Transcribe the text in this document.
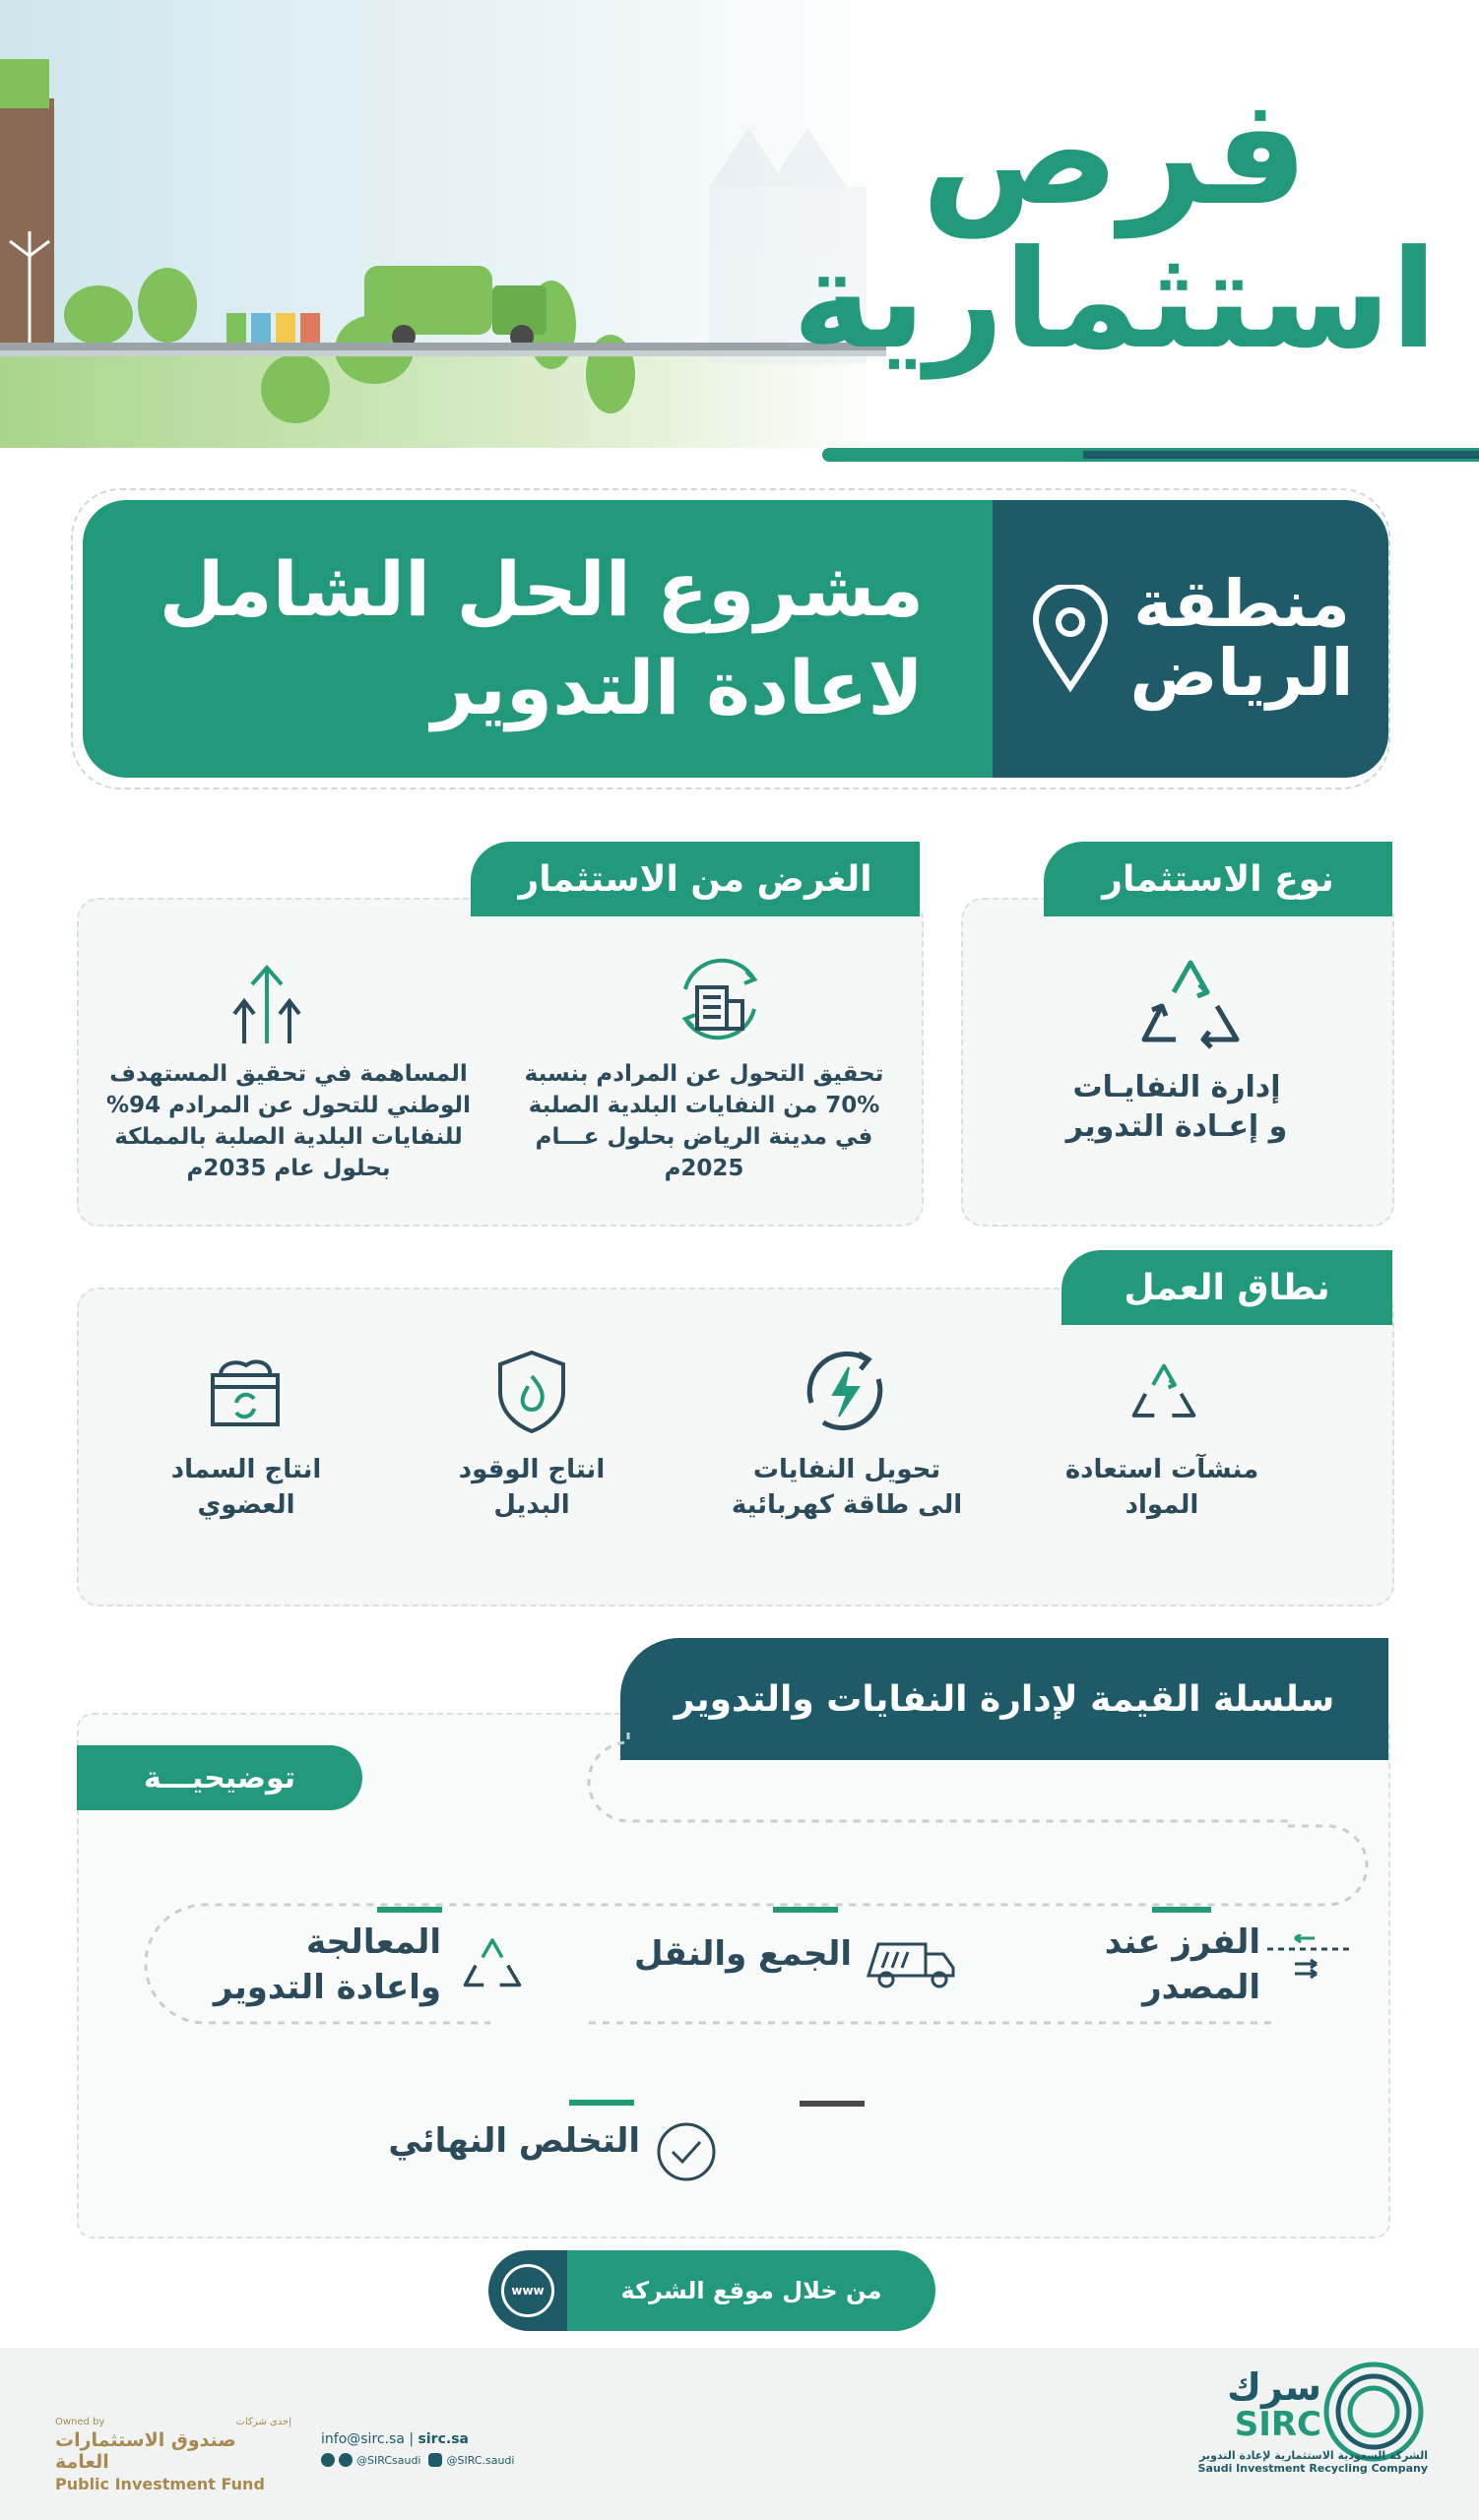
فرص
استثمارية
منطقة
الرياض
مشروع الحل الشامل
لاعادة التدوير
نوع الاستثمار
إدارة النفايـات
و إعـادة التدوير
الغرض من الاستثمار
تحقيق التحول عن المرادم بنسبة
70% من النفايات البلدية الصلبة
في مدينة الرياض بحلول عـــام
2025م
المساهمة في تحقيق المستهدف
الوطني للتحول عن المرادم 94%
للنفايات البلدية الصلبة بالمملكة
بحلول عام 2035م
نطاق العمل
منشآت استعادة
المواد
تحويل النفايات
الى طاقة كهربائية
انتاج الوقود
البديل
انتاج السماد
العضوي
سلسلة القيمة لإدارة النفايات والتدوير
توضيحيـــة
الفرز عند
المصدر
الجمع والنقل
المعالجة
واعادة التدوير
التخلص النهائي
من خلال موقع الشركة
www
سرك
SIRC
الشركة السعودية الاستثمارية لإعادة التدوير
Saudi Investment Recycling Company
info@sirc.sa | sirc.sa
@SIRCsaudi @SIRC.saudi
Owned by	إحدى شركات
صندوق الاستثمارات العامة
Public Investment Fund
